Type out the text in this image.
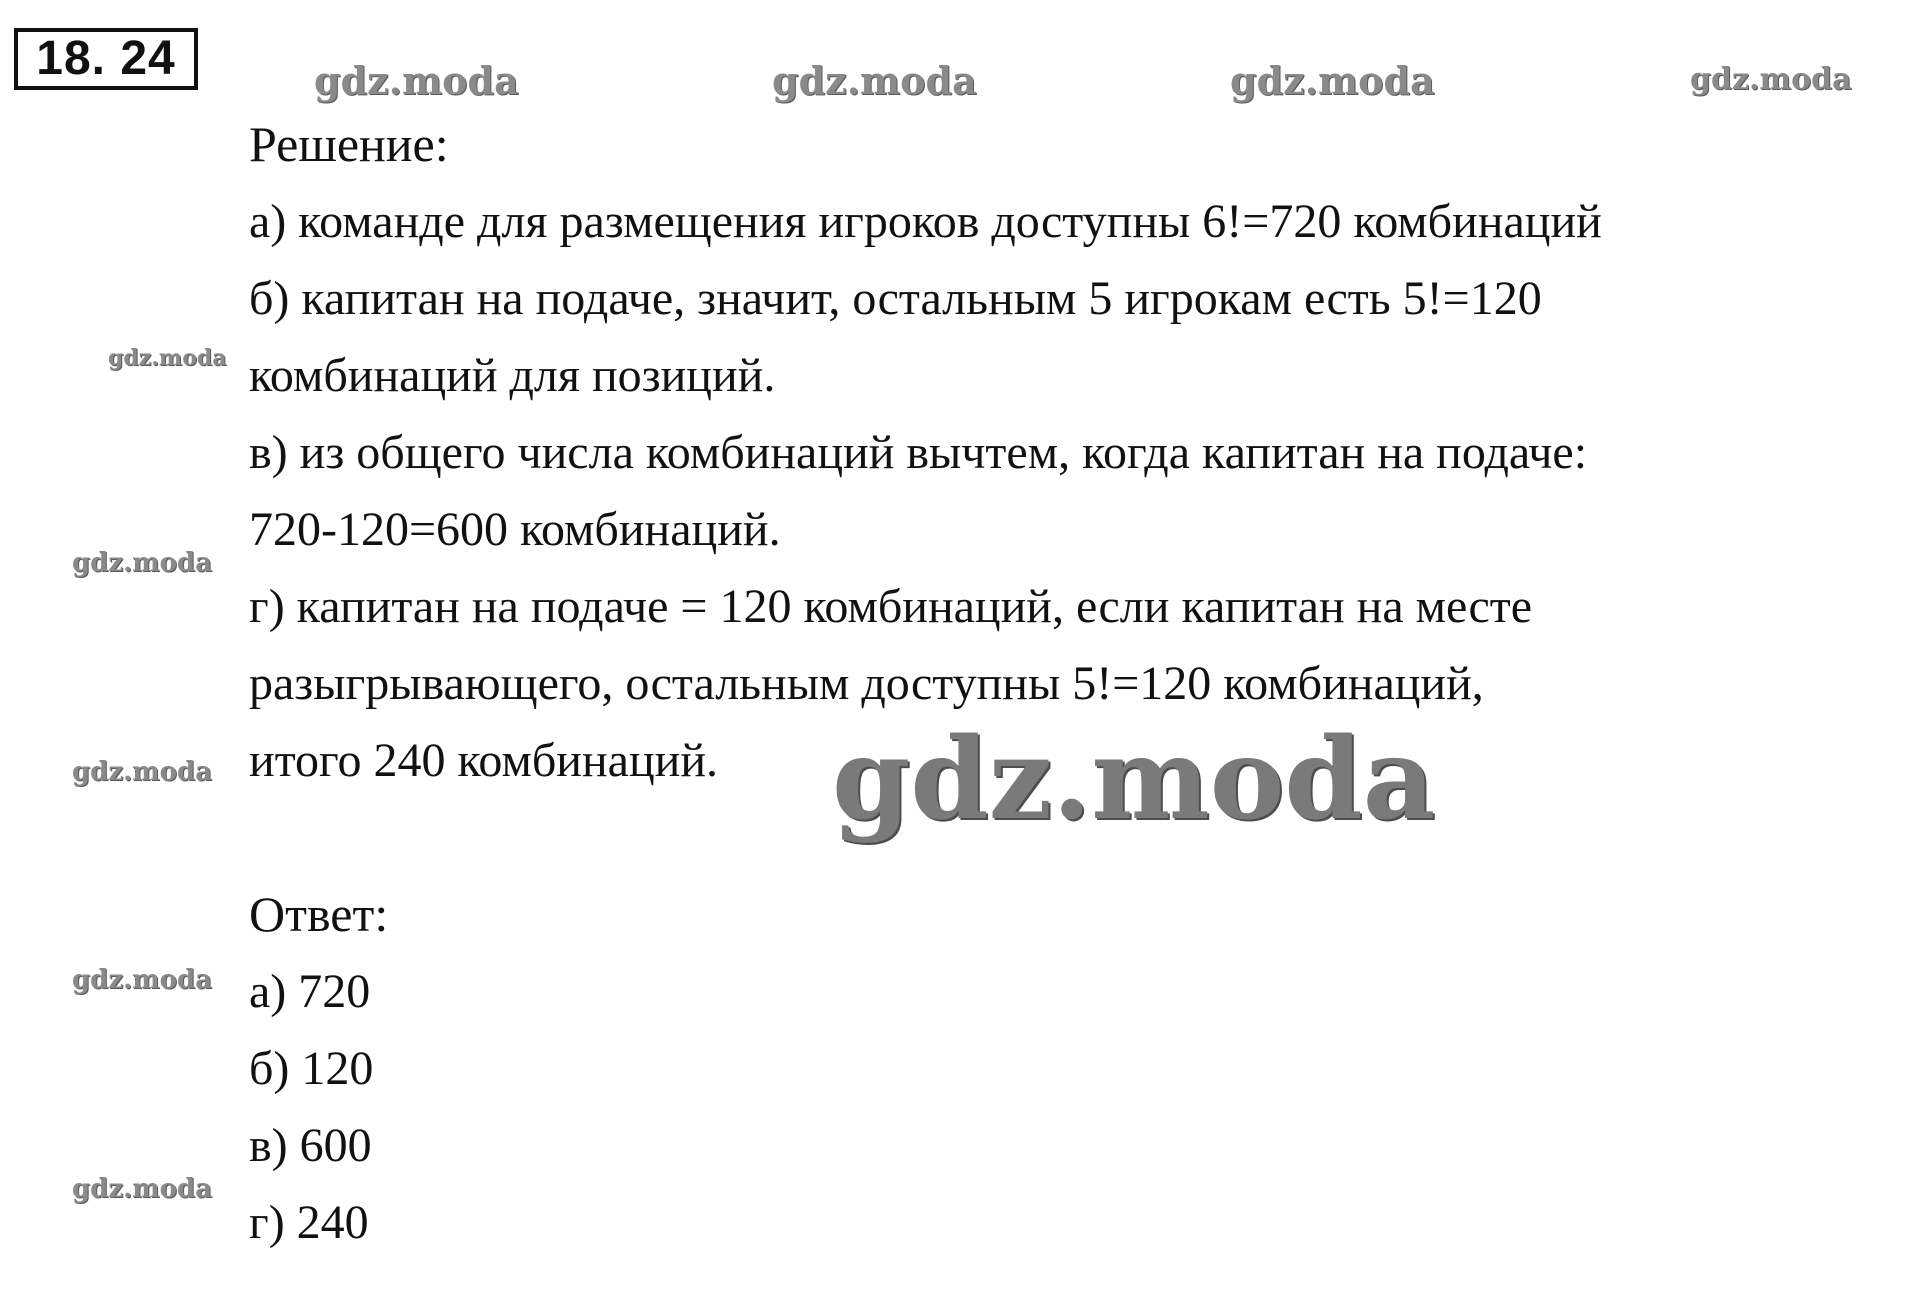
18. 24	gdz.moda	gdz.moda	gdz.moda	gdz.moda
gdz.moda
gdz.moda
gdz.moda
gdz.moda
gdz.moda
gdz.moda
Решение:
а) команде для размещения игроков доступны 6!=720 комбинаций
б) капитан на подаче, значит, остальным 5 игрокам есть 5!=120
комбинаций для позиций.
в) из общего числа комбинаций вычтем, когда капитан на подаче:
720-120=600 комбинаций.
г) капитан на подаче = 120 комбинаций, если капитан на месте
разыгрывающего, остальным доступны 5!=120 комбинаций,
итого 240 комбинаций.
Ответ:
а) 720
б) 120
в) 600
г) 240
